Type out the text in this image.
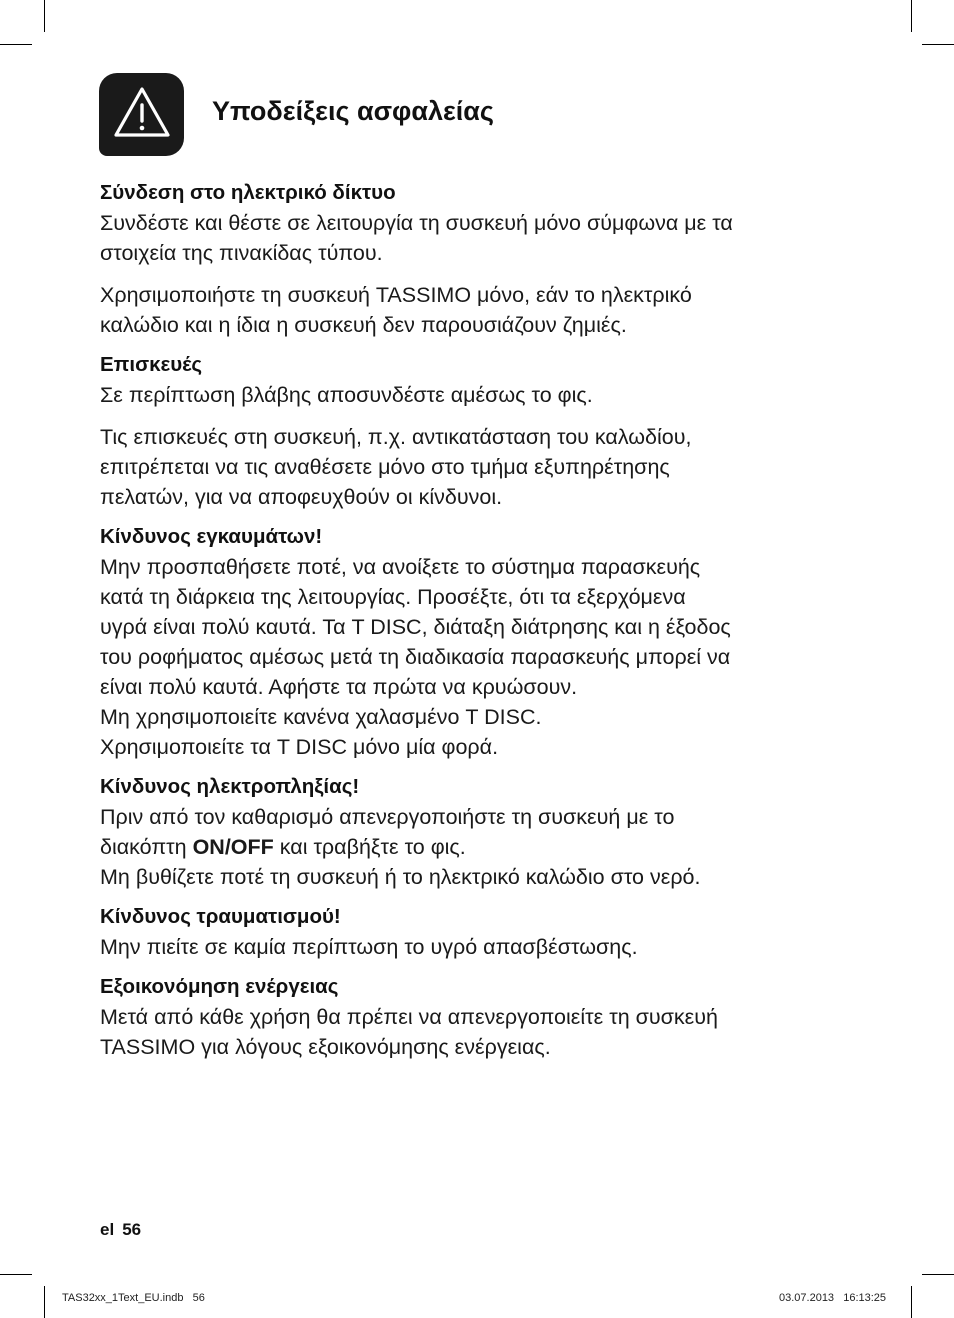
Υποδείξεις ασφαλείας
Σύνδεση στο ηλεκτρικό δίκτυο

Συνδέστε και θέστε σε λειτουργία τη συσκευή μόνο σύμφωνα με τα
στοιχεία της πινακίδας τύπου.

Χρησιμοποιήστε τη συσκευή TASSIMO μόνο, εάν το ηλεκτρικό
καλώδιο και η ίδια η συσκευή δεν παρουσιάζουν ζημιές.

Επισκευές

Σε περίπτωση βλάβης αποσυνδέστε αμέσως το φις.

Τις επισκευές στη συσκευή, π.χ. αντικατάσταση του καλωδίου,
επιτρέπεται να τις αναθέσετε μόνο στο τμήμα εξυπηρέτησης
πελατών, για να αποφευχθούν οι κίνδυνοι.

Κίνδυνος εγκαυμάτων!

Μην προσπαθήσετε ποτέ, να ανοίξετε το σύστημα παρασκευής
κατά τη διάρκεια της λειτουργίας. Προσέξτε, ότι τα εξερχόμενα
υγρά είναι πολύ καυτά. Τα T DISC, διάταξη διάτρησης και η έξοδος
του ροφήματος αμέσως μετά τη διαδικασία παρασκευής μπορεί να
είναι πολύ καυτά. Αφήστε τα πρώτα να κρυώσουν.
Μη χρησιμοποιείτε κανένα χαλασμένο T DISC.
Χρησιμοποιείτε τα T DISC μόνο μία φορά.

Κίνδυνος ηλεκτροπληξίας!

Πριν από τον καθαρισμό απενεργοποιήστε τη συσκευή με το
διακόπτη ON/OFF και τραβήξτε το φις.
Μη βυθίζετε ποτέ τη συσκευή ή το ηλεκτρικό καλώδιο στο νερό.

Κίνδυνος τραυματισμού!

Μην πιείτε σε καμία περίπτωση το υγρό απασβέστωσης.

Εξοικονόμηση ενέργειας

Μετά από κάθε χρήση θα πρέπει να απενεργοποιείτε τη συσκευή
TASSIMO για λόγους εξοικονόμησης ενέργειας.

el 56
TAS32xx_1Text_EU.indb   56	03.07.2013   16:13:25
